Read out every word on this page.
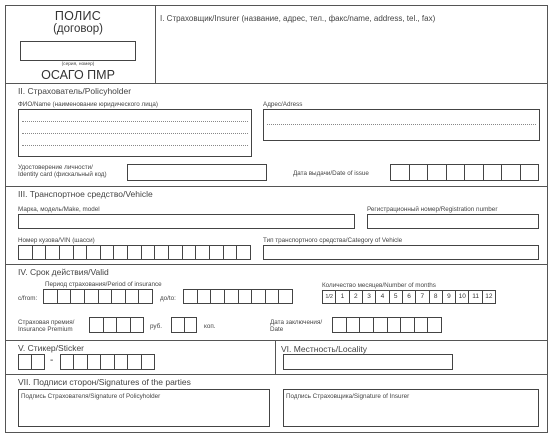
ПОЛИС
(договор)
(серия, номер)
ОСАГО ПМР
I. Страховщик/Insurer (название, адрес, тел., факс/name, address, tel., fax)
II. Страхователь/Policyholder
ФИО/Name (наименование юридического лица)	Адрес/Adress
Удостоверение личности/
Identity card (фискальный код)	Дата выдачи/Date of issue
III. Транспортное средство/Vehicle
Марка, модель/Make, model	Регистрационный номер/Registration number
Номер кузова/VIN (шасси)	Тип транспортного средства/Category of Vehicle
IV. Срок действия/Valid
Период страхования/Period of insurance
с/from:	до/to:
Количество месяцев/Number of months
1/2	1	2	3	4	5	6	7	8	9	10 11 12
Страховая премия/
Insurance Premium	руб.	коп.
Дата заключения/
Date
V. Стикер/Sticker
-
VI. Местность/Locality
VII. Подписи сторон/Signatures of the parties
Подпись Страхователя/Signature of Policyholder	Подпись Страховщика/Signature of Insurer
